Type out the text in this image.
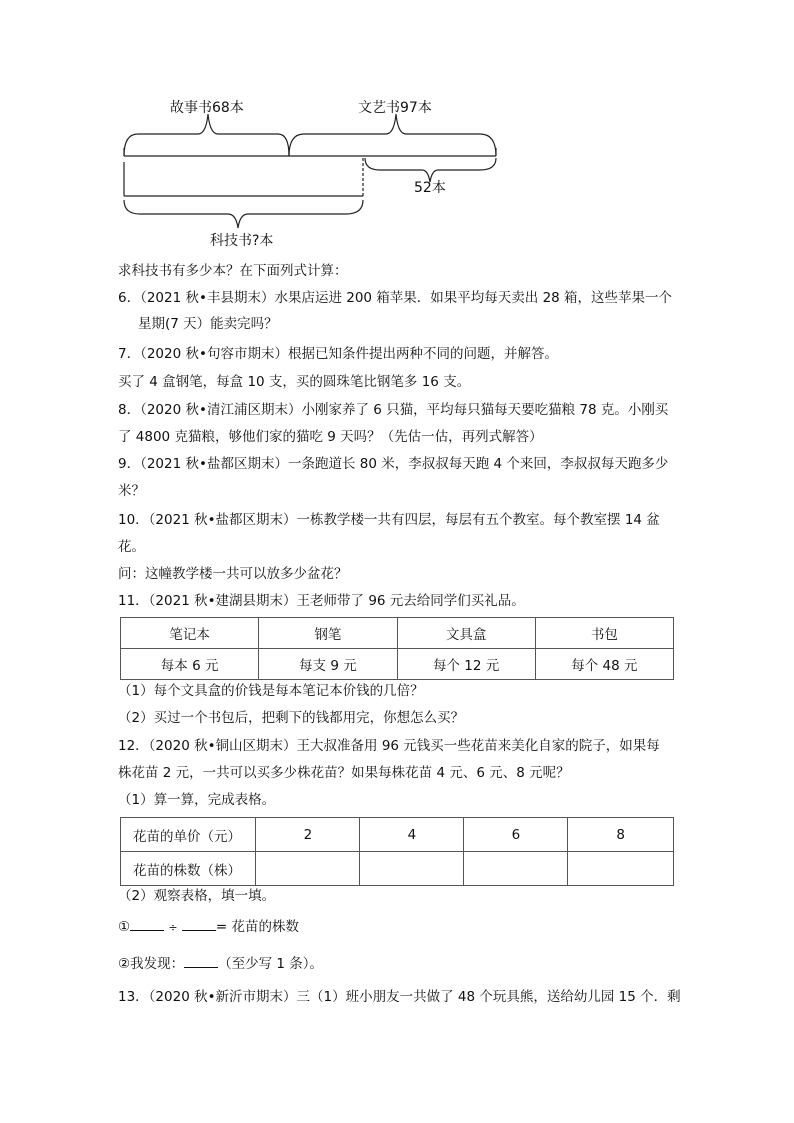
故事书68本	文艺书97本
52本
科技书?本
求科技书有多少本？在下面列式计算：
6．（2021 秋•丰县期末）水果店运进 200 箱苹果．如果平均每天卖出 28 箱，这些苹果一个
星期(7 天）能卖完吗？
7．（2020 秋•句容市期末）根据已知条件提出两种不同的问题，并解答。
买了 4 盒钢笔，每盒 10 支，买的圆珠笔比钢笔多 16 支。
8．（2020 秋•清江浦区期末）小刚家养了 6 只猫，平均每只猫每天要吃猫粮 78 克。小刚买
了 4800 克猫粮，够他们家的猫吃 9 天吗？（先估一估，再列式解答）
9．（2021 秋•盐都区期末）一条跑道长 80 米，李叔叔每天跑 4 个来回，李叔叔每天跑多少
米？
10．（2021 秋•盐都区期末）一栋教学楼一共有四层，每层有五个教室。每个教室摆 14 盆
花。
问：这幢教学楼一共可以放多少盆花？
11．（2021 秋•建湖县期末）王老师带了 96 元去给同学们买礼品。
笔记本	钢笔	文具盒	书包
每本 6 元	每支 9 元	每个 12 元	每个 48 元
（1）每个文具盒的价钱是每本笔记本价钱的几倍？
（2）买过一个书包后，把剩下的钱都用完，你想怎么买？
12．（2020 秋•铜山区期末）王大叔准备用 96 元钱买一些花苗来美化自家的院子，如果每
株花苗 2 元，一共可以买多少株花苗？如果每株花苗 4 元、6 元、8 元呢？
（1）算一算，完成表格。
花苗的单价（元）	2	4	6	8
花苗的株数（株）				
（2）观察表格，填一填。
①	÷	= 花苗的株数
②我发现：	（至少写 1 条）。
13．（2020 秋•新沂市期末）三（1）班小朋友一共做了 48 个玩具熊，送给幼儿园 15 个．剩
